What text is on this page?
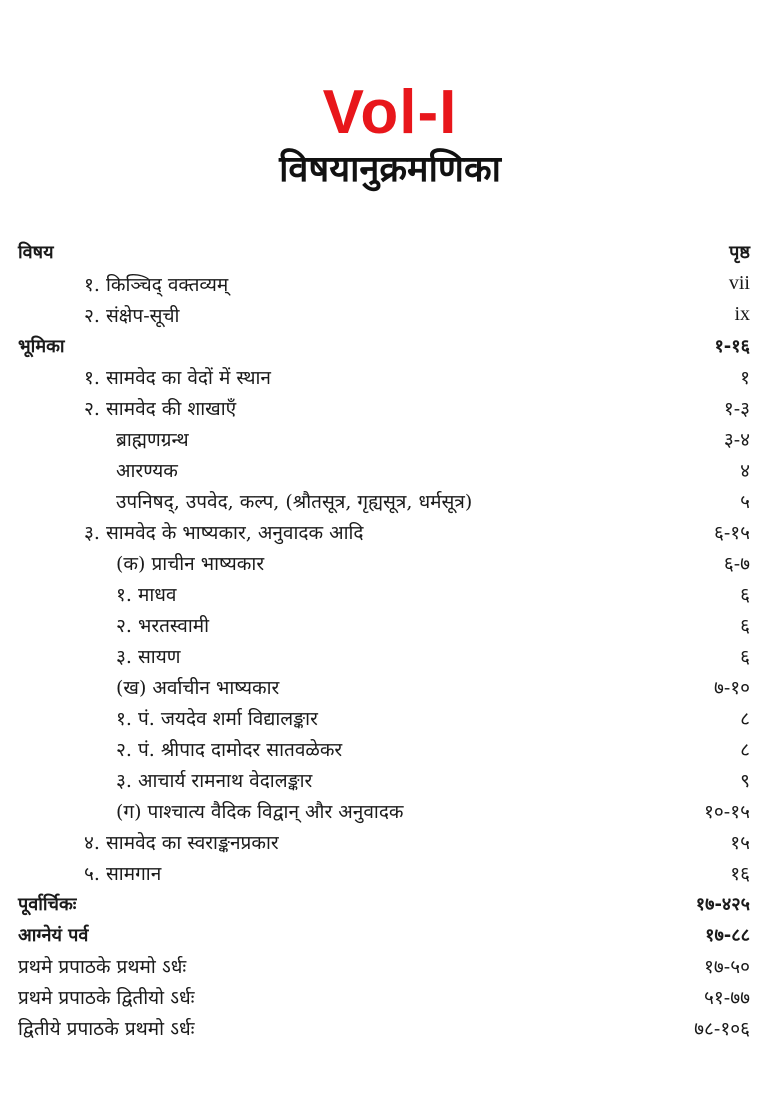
Vol-I
विषयानुक्रमणिका
विषय	पृष्ठ
१. किञ्चिद् वक्तव्यम्	vii
२. संक्षेप-सूची	ix
भूमिका	१-१६
१. सामवेद का वेदों में स्थान	१
२. सामवेद की शाखाएँ	१-३
ब्राह्मणग्रन्थ	३-४
आरण्यक	४
उपनिषद्, उपवेद, कल्प, (श्रौतसूत्र, गृह्यसूत्र, धर्मसूत्र)	५
३. सामवेद के भाष्यकार, अनुवादक आदि	६-१५
(क) प्राचीन भाष्यकार	६-७
१. माधव	६
२. भरतस्वामी	६
३. सायण	६
(ख) अर्वाचीन भाष्यकार	७-१०
१. पं. जयदेव शर्मा विद्यालङ्कार	८
२. पं. श्रीपाद दामोदर सातवळेकर	८
३. आचार्य रामनाथ वेदालङ्कार	९
(ग) पाश्चात्य वैदिक विद्वान् और अनुवादक	१०-१५
४. सामवेद का स्वराङ्कनप्रकार	१५
५. सामगान	१६
पूर्वार्चिकः	१७-४२५
आग्नेयं पर्व	१७-८८
प्रथमे प्रपाठके प्रथमो ऽर्धः	१७-५०
प्रथमे प्रपाठके द्वितीयो ऽर्धः	५१-७७
द्वितीये प्रपाठके प्रथमो ऽर्धः	७८-१०६
